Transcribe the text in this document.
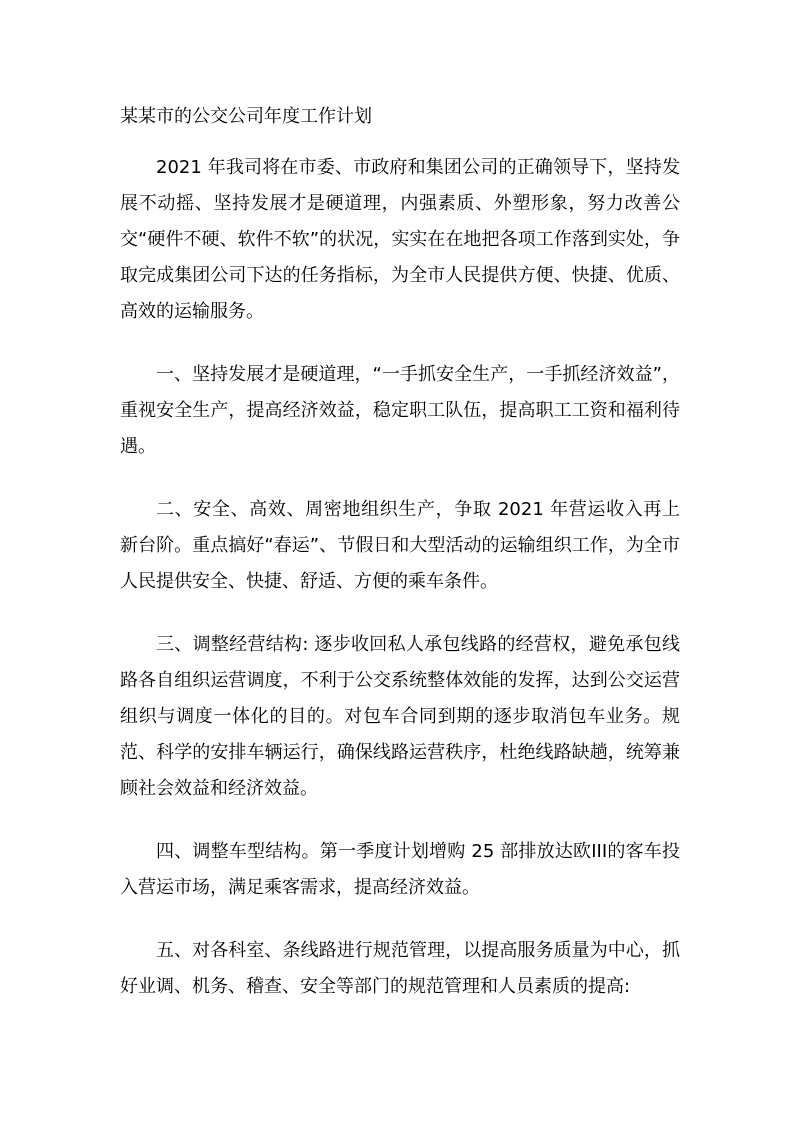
某某市的公交公司年度工作计划

2021 年我司将在市委、市政府和集团公司的正确领导下，坚持发展不动摇、坚持发展才是硬道理，内强素质、外塑形象，努力改善公交“硬件不硬、软件不软”的状况，实实在在地把各项工作落到实处，争取完成集团公司下达的任务指标，为全市人民提供方便、快捷、优质、高效的运输服务。

一、坚持发展才是硬道理，“一手抓安全生产，一手抓经济效益”，重视安全生产，提高经济效益，稳定职工队伍，提高职工工资和福利待遇。

二、安全、高效、周密地组织生产，争取 2021 年营运收入再上新台阶。重点搞好“春运”、节假日和大型活动的运输组织工作，为全市人民提供安全、快捷、舒适、方便的乘车条件。

三、调整经营结构: 逐步收回私人承包线路的经营权，避免承包线路各自组织运营调度，不利于公交系统整体效能的发挥，达到公交运营组织与调度一体化的目的。对包车合同到期的逐步取消包车业务。规范、科学的安排车辆运行，确保线路运营秩序，杜绝线路缺趟，统筹兼顾社会效益和经济效益。

四、调整车型结构。第一季度计划增购 25 部排放达欧III的客车投入营运市场，满足乘客需求，提高经济效益。

五、对各科室、条线路进行规范管理，以提高服务质量为中心，抓好业调、机务、稽查、安全等部门的规范管理和人员素质的提高:
